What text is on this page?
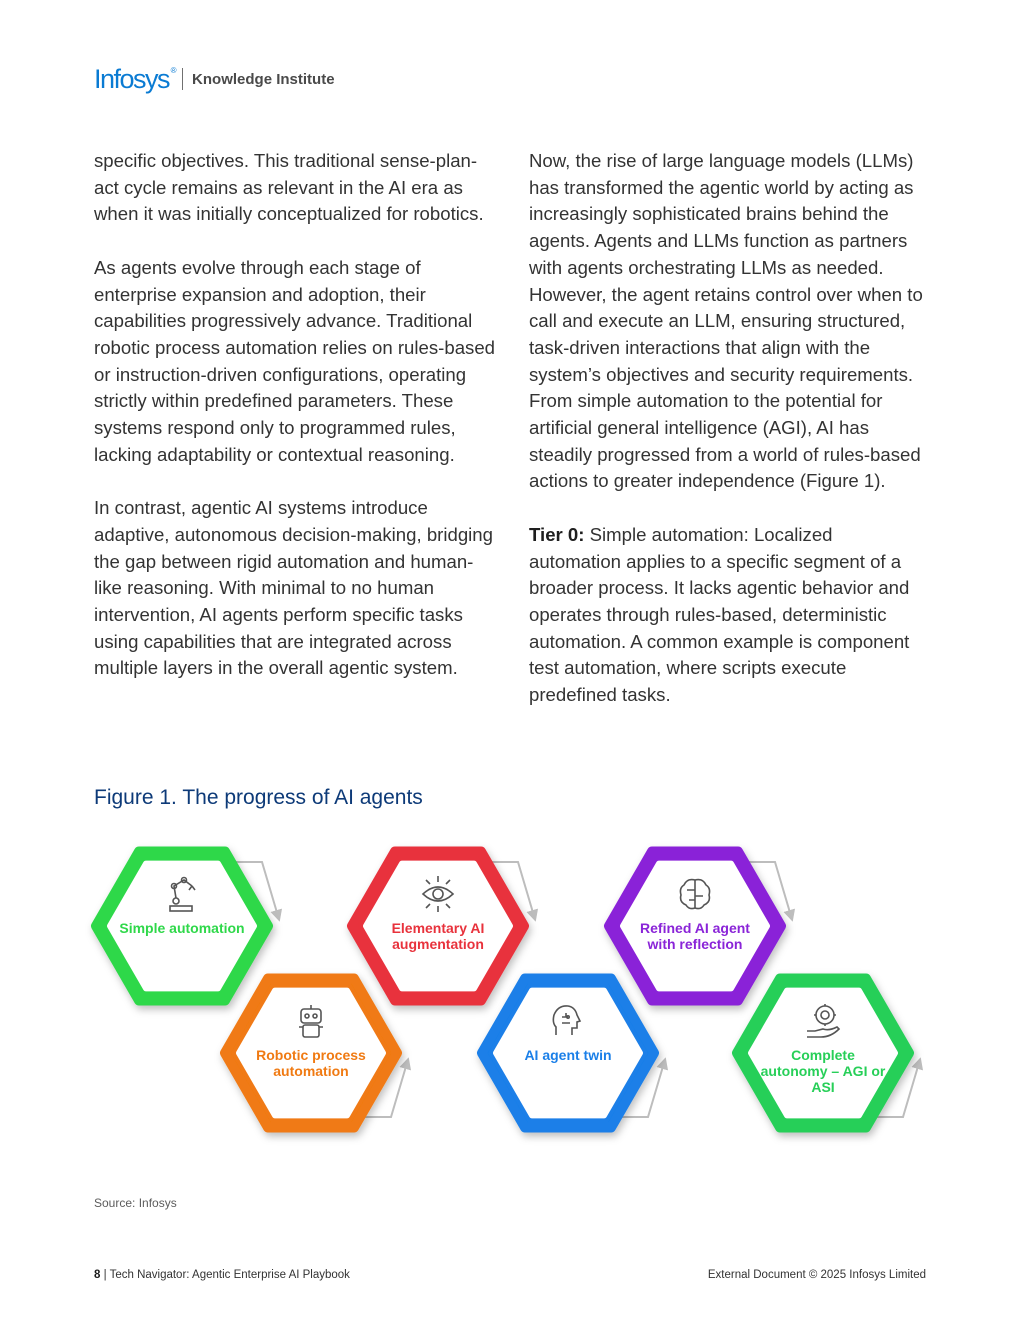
Infosys ®
Knowledge Institute

specific objectives. This traditional sense-plan-act cycle remains as relevant in the AI era as when it was initially conceptualized for robotics.

As agents evolve through each stage of enterprise expansion and adoption, their capabilities progressively advance. Traditional robotic process automation relies on rules-based or instruction-driven configurations, operating strictly within predefined parameters. These systems respond only to programmed rules, lacking adaptability or contextual reasoning.

In contrast, agentic AI systems introduce adaptive, autonomous decision-making, bridging the gap between rigid automation and human-like reasoning. With minimal to no human intervention, AI agents perform specific tasks using capabilities that are integrated across multiple layers in the overall agentic system.

Now, the rise of large language models (LLMs) has transformed the agentic world by acting as increasingly sophisticated brains behind the agents. Agents and LLMs function as partners with agents orchestrating LLMs as needed. However, the agent retains control over when to call and execute an LLM, ensuring structured, task-driven interactions that align with the system’s objectives and security requirements. From simple automation to the potential for artificial general intelligence (AGI), AI has steadily progressed from a world of rules-based actions to greater independence (Figure 1).

Tier 0: Simple automation: Localized automation applies to a specific segment of a broader process. It lacks agentic behavior and operates through rules-based, deterministic automation. A common example is component test automation, where scripts execute predefined tasks.

Figure 1. The progress of AI agents
Simple automation
Robotic process automation
Elementary AI augmentation
AI agent twin
Refined AI agent with reflection
Complete autonomy – AGI or ASI
Source: Infosys
8 | Tech Navigator: Agentic Enterprise AI Playbook	External Document © 2025 Infosys Limited
